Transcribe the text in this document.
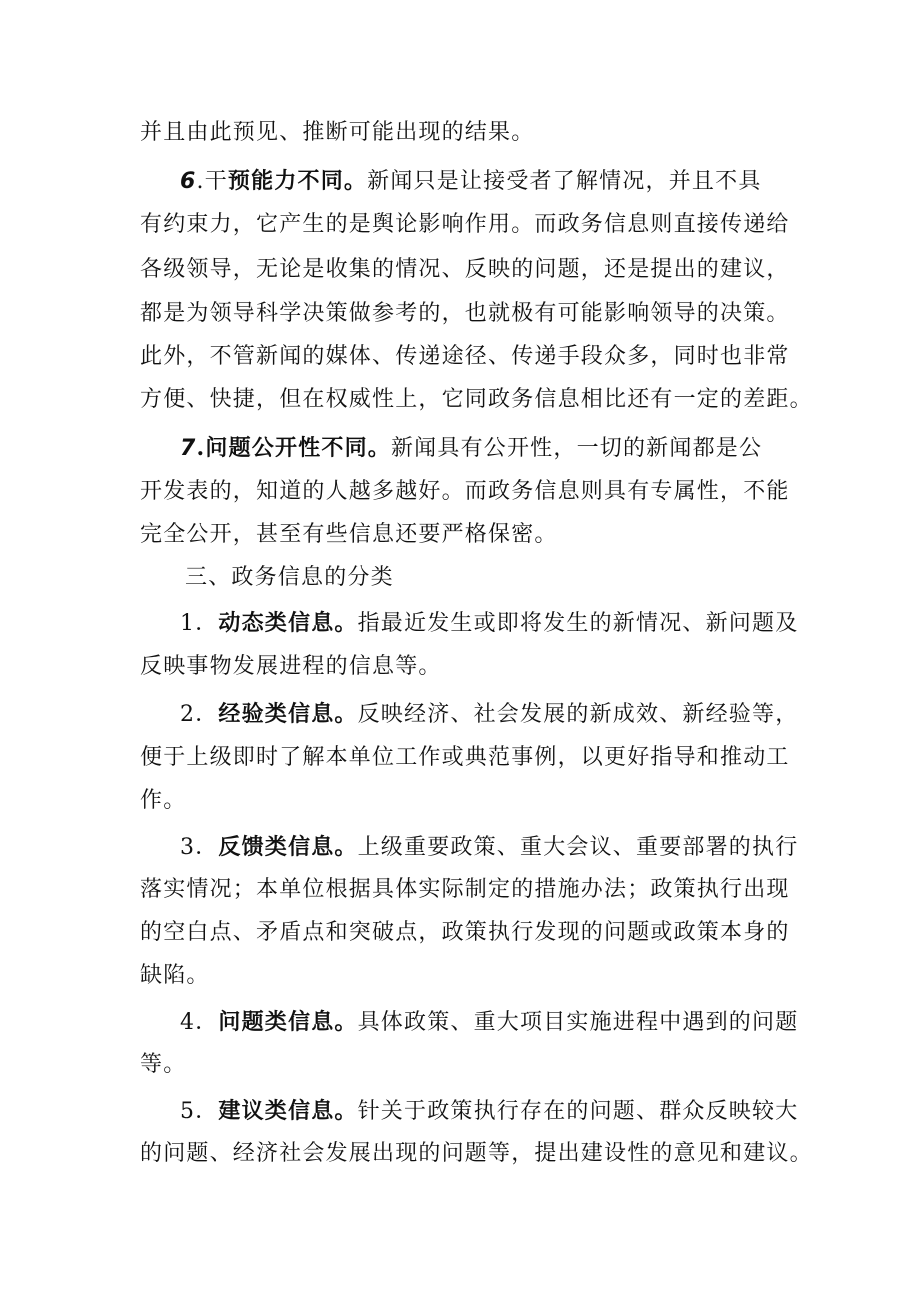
并且由此预见、推断可能出现的结果。
6.干预能力不同。新闻只是让接受者了解情况，并且不具
有约束力，它产生的是舆论影响作用。而政务信息则直接传递给
各级领导，无论是收集的情况、反映的问题，还是提出的建议，
都是为领导科学决策做参考的，也就极有可能影响领导的决策。
此外，不管新闻的媒体、传递途径、传递手段众多，同时也非常
方便、快捷，但在权威性上，它同政务信息相比还有一定的差距。
7.问题公开性不同。新闻具有公开性，一切的新闻都是公
开发表的，知道的人越多越好。而政务信息则具有专属性，不能
完全公开，甚至有些信息还要严格保密。
三、政务信息的分类
1．动态类信息。指最近发生或即将发生的新情况、新问题及
反映事物发展进程的信息等。
2．经验类信息。反映经济、社会发展的新成效、新经验等，
便于上级即时了解本单位工作或典范事例，以更好指导和推动工
作。
3．反馈类信息。上级重要政策、重大会议、重要部署的执行
落实情况；本单位根据具体实际制定的措施办法；政策执行出现
的空白点、矛盾点和突破点，政策执行发现的问题或政策本身的
缺陷。
4．问题类信息。具体政策、重大项目实施进程中遇到的问题
等。
5．建议类信息。针关于政策执行存在的问题、群众反映较大
的问题、经济社会发展出现的问题等，提出建设性的意见和建议。
